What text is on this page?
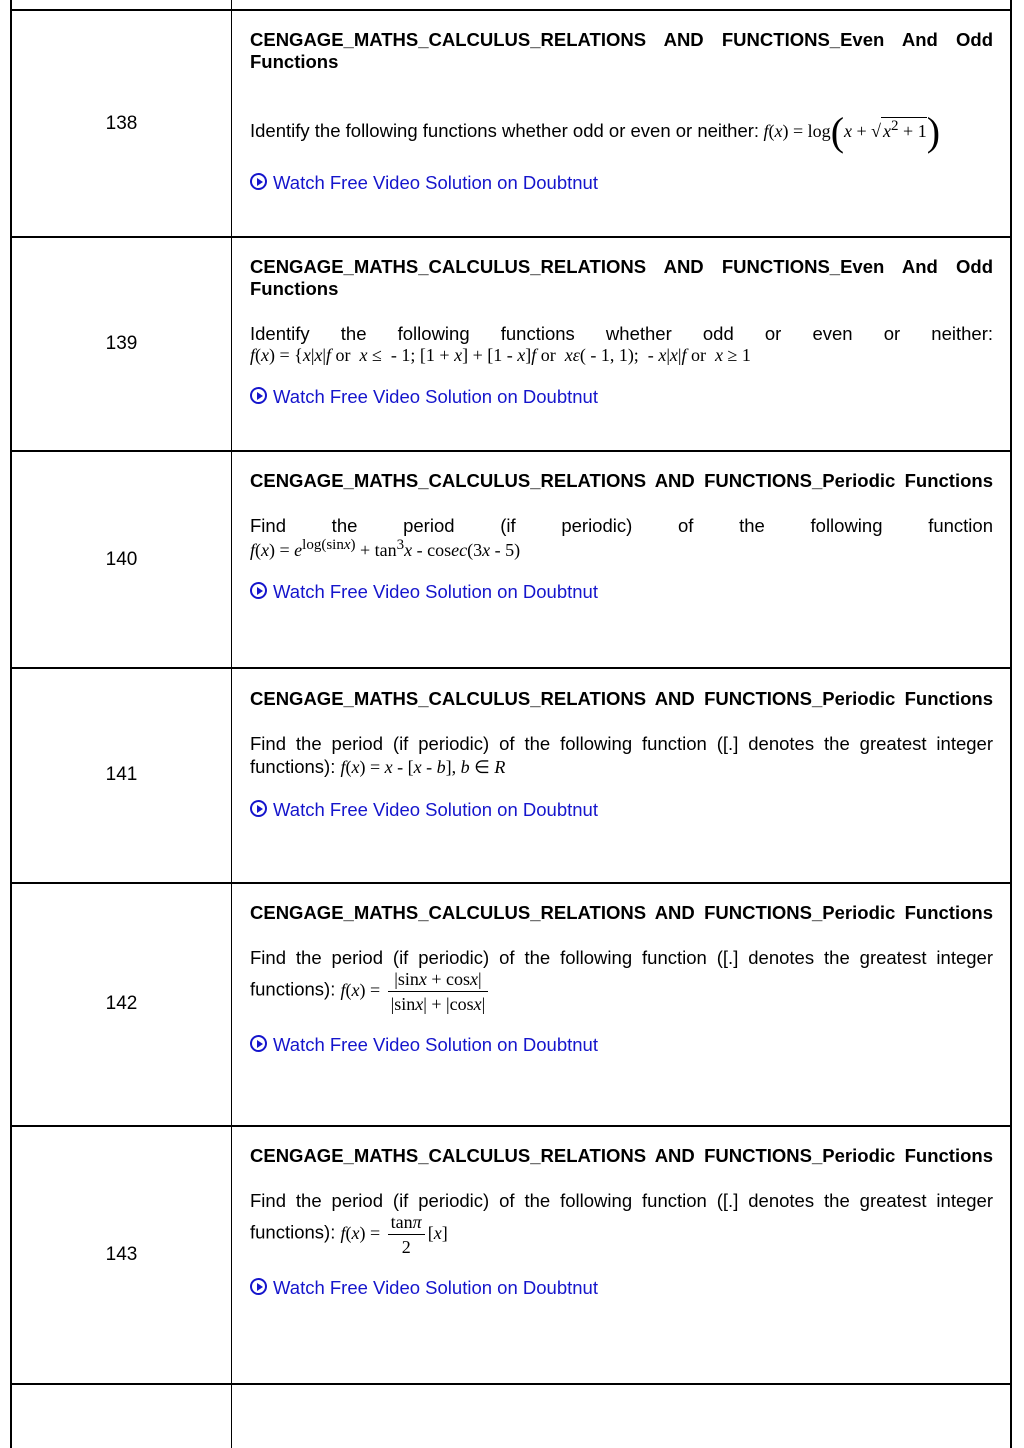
138

CENGAGE_MATHS_CALCULUS_RELATIONS AND FUNCTIONS_Even And Odd Functions

Identify the following functions whether odd or even or neither: f(x) = log(x + √ $x^2 + 1$)
Watch Free Video Solution on Doubtnut
139

CENGAGE_MATHS_CALCULUS_RELATIONS AND FUNCTIONS_Even And Odd Functions

Identify the following functions whether odd or even or neither:

f(x) = {x|x|f or  x ≤  - 1; [1 + x] + [1 - x]f or  xε( - 1, 1);  - x|x|f or  x ≥ 1
Watch Free Video Solution on Doubtnut
140

CENGAGE_MATHS_CALCULUS_RELATIONS AND FUNCTIONS_Periodic Functions

Find the period (if periodic) of the following function

$f(x) = e^{log(sinx)} + \tan^3x - cosec(3x - 5)$
Watch Free Video Solution on Doubtnut
141

CENGAGE_MATHS_CALCULUS_RELATIONS AND FUNCTIONS_Periodic Functions

Find the period (if periodic) of the following function ([.] denotes the greatest integer functions): f(x) = x - [x - b], b ∈ R

Watch Free Video Solution on Doubtnut
142

CENGAGE_MATHS_CALCULUS_RELATIONS AND FUNCTIONS_Periodic Functions

Find the period (if periodic) of the following function ([.] denotes the greatest integer functions): $f(x) = \frac{|\sin x + \cos x|}{|\sin x| + |\cos x|}$

Watch Free Video Solution on Doubtnut
143

CENGAGE_MATHS_CALCULUS_RELATIONS AND FUNCTIONS_Periodic Functions

Find the period (if periodic) of the following function ([.] denotes the greatest integer functions): $f(x) = \frac{\tan\pi}{2} [x]$

Watch Free Video Solution on Doubtnut
